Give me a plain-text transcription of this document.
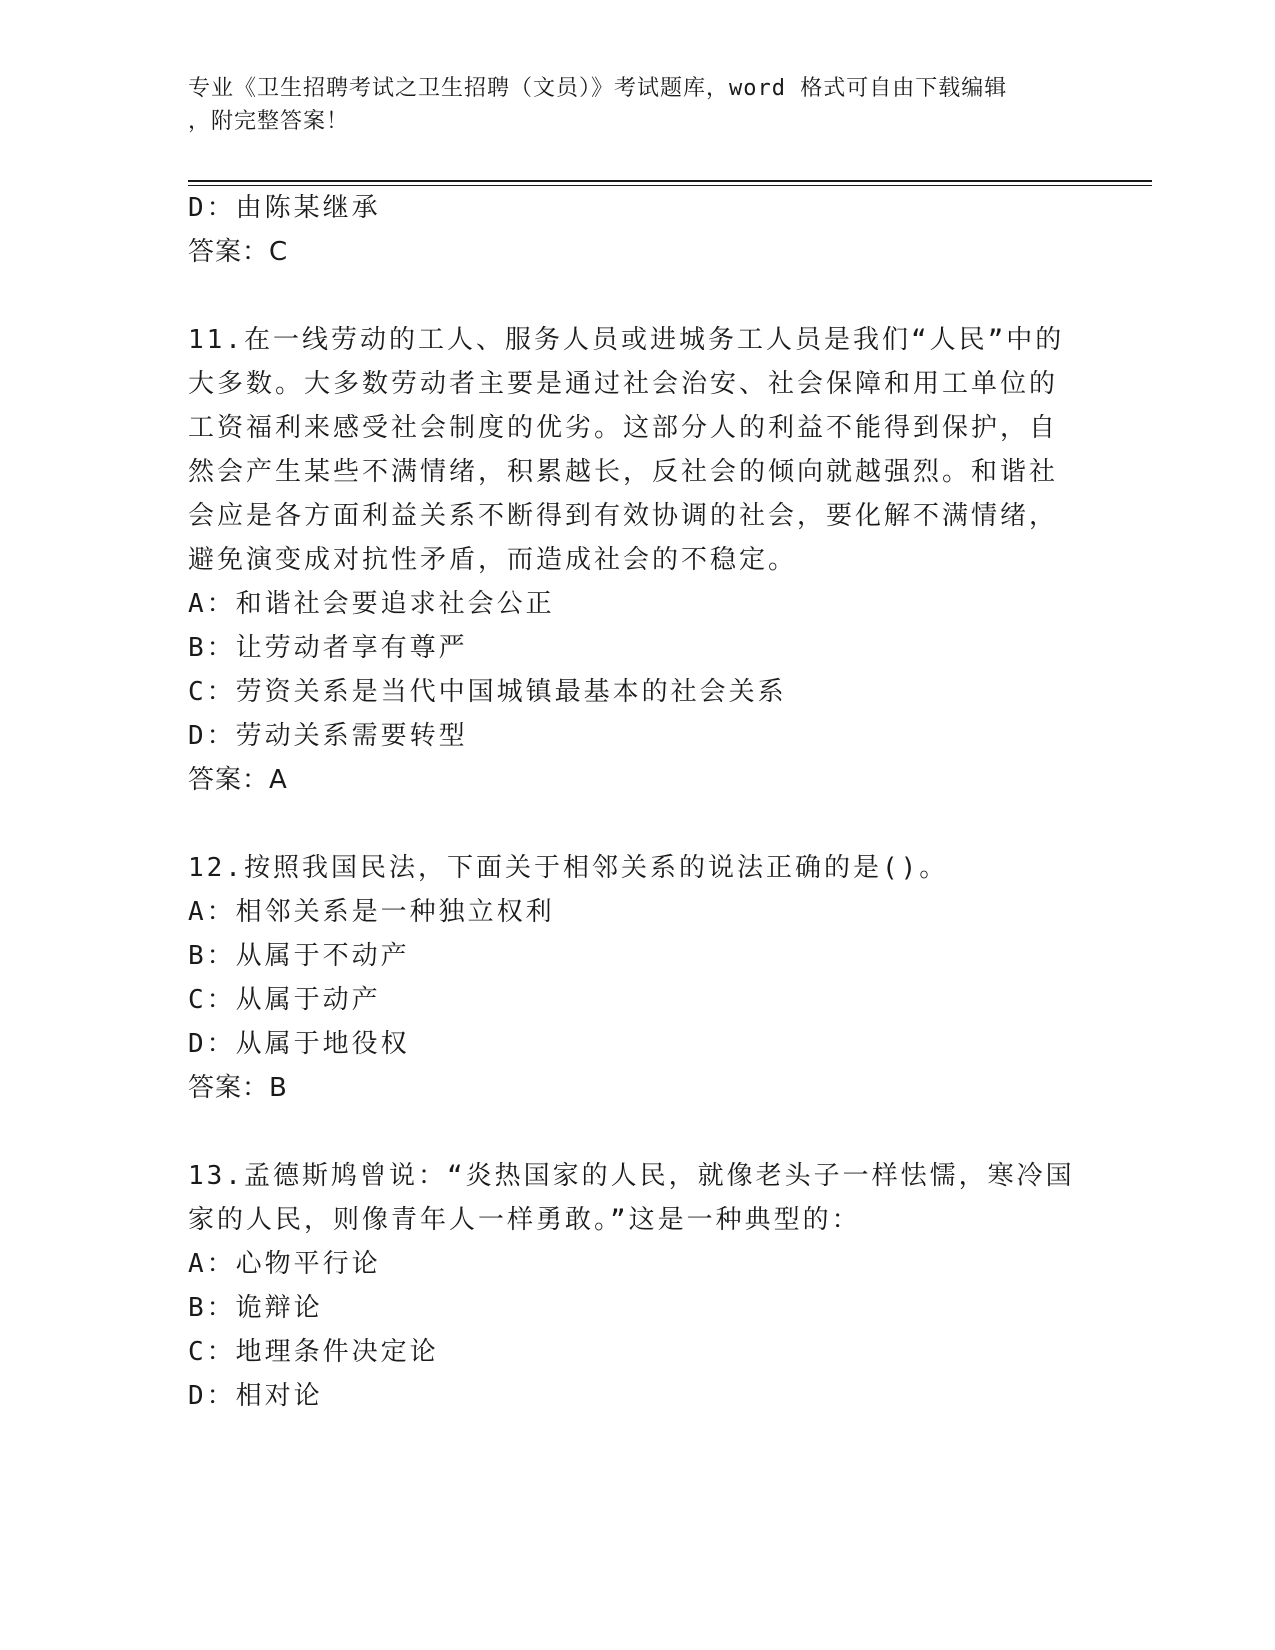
专业《卫生招聘考试之卫生招聘（文员）》考试题库，word 格式可自由下载编辑
，附完整答案！
D：由陈某继承
答案：C
11.在一线劳动的工人、服务人员或进城务工人员是我们“人民”中的
大多数。大多数劳动者主要是通过社会治安、社会保障和用工单位的
工资福利来感受社会制度的优劣。这部分人的利益不能得到保护，自
然会产生某些不满情绪，积累越长，反社会的倾向就越强烈。和谐社
会应是各方面利益关系不断得到有效协调的社会，要化解不满情绪，
避免演变成对抗性矛盾，而造成社会的不稳定。
A：和谐社会要追求社会公正
B：让劳动者享有尊严
C：劳资关系是当代中国城镇最基本的社会关系
D：劳动关系需要转型
答案：A
12.按照我国民法，下面关于相邻关系的说法正确的是()。
A：相邻关系是一种独立权利
B：从属于不动产
C：从属于动产
D：从属于地役权
答案：B
13.孟德斯鸠曾说：“炎热国家的人民，就像老头子一样怯懦，寒冷国
家的人民，则像青年人一样勇敢。”这是一种典型的：
A：心物平行论
B：诡辩论
C：地理条件决定论
D：相对论
